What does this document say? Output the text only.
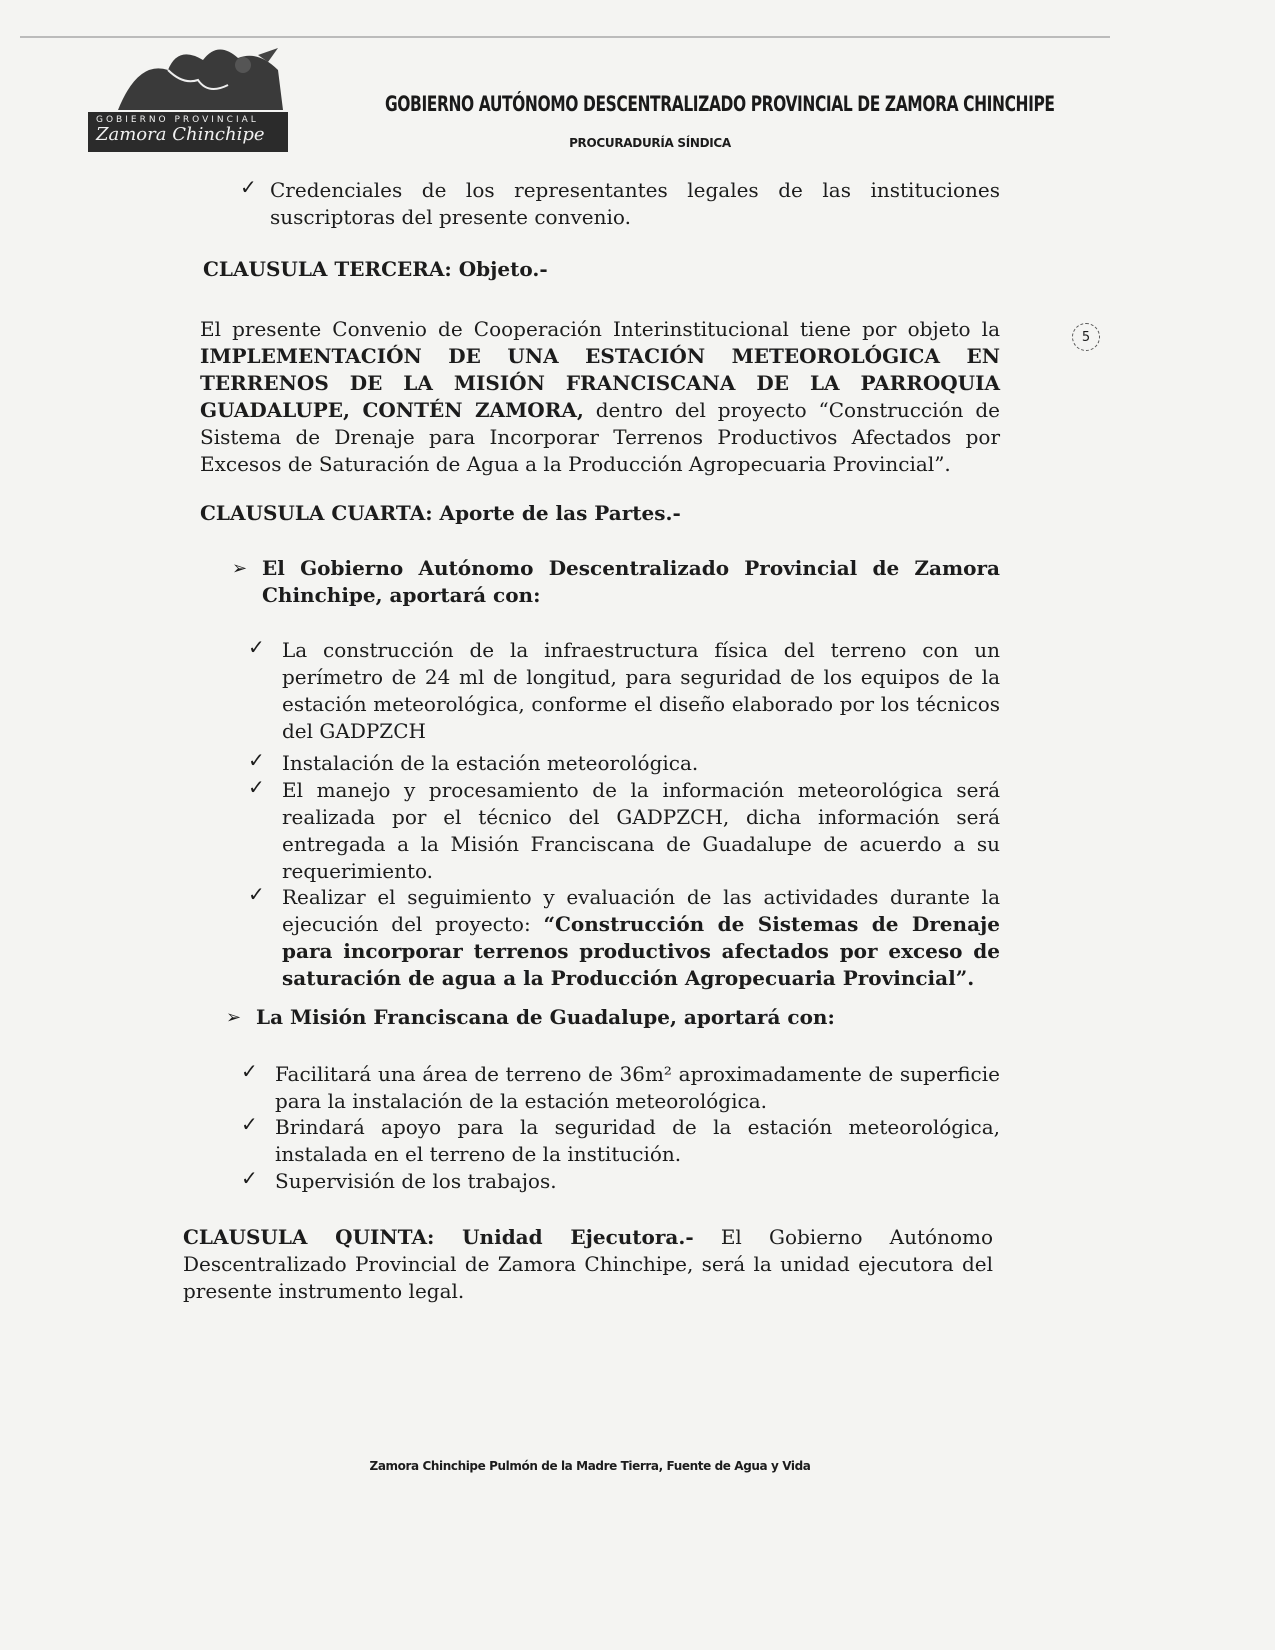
GOBIERNO PROVINCIAL
Zamora Chinchipe
GOBIERNO AUTÓNOMO DESCENTRALIZADO PROVINCIAL DE ZAMORA CHINCHIPE
PROCURADURÍA SÍNDICA
5
✓ Credenciales de los representantes legales de las instituciones suscriptoras del presente convenio.
CLAUSULA TERCERA: Objeto.-
El presente Convenio de Cooperación Interinstitucional tiene por objeto la IMPLEMENTACIÓN DE UNA ESTACIÓN METEOROLÓGICA EN TERRENOS DE LA MISIÓN FRANCISCANA DE LA PARROQUIA GUADALUPE, CONTÉN ZAMORA, dentro del proyecto “Construcción de Sistema de Drenaje para Incorporar Terrenos Productivos Afectados por Excesos de Saturación de Agua a la Producción Agropecuaria Provincial”.
CLAUSULA CUARTA: Aporte de las Partes.-
➢ El Gobierno Autónomo Descentralizado Provincial de Zamora Chinchipe, aportará con:
✓ La construcción de la infraestructura física del terreno con un perímetro de 24 ml de longitud, para seguridad de los equipos de la estación meteorológica, conforme el diseño elaborado por los técnicos del GADPZCH
✓ Instalación de la estación meteorológica.
✓ El manejo y procesamiento de la información meteorológica será realizada por el técnico del GADPZCH, dicha información será entregada a la Misión Franciscana de Guadalupe de acuerdo a su requerimiento.
✓ Realizar el seguimiento y evaluación de las actividades durante la ejecución del proyecto: “Construcción de Sistemas de Drenaje para incorporar terrenos productivos afectados por exceso de saturación de agua a la Producción Agropecuaria Provincial”.
➢ La Misión Franciscana de Guadalupe, aportará con:
✓ Facilitará una área de terreno de 36m² aproximadamente de superficie para la instalación de la estación meteorológica.
✓ Brindará apoyo para la seguridad de la estación meteorológica, instalada en el terreno de la institución.
✓ Supervisión de los trabajos.
CLAUSULA QUINTA: Unidad Ejecutora.- El Gobierno Autónomo Descentralizado Provincial de Zamora Chinchipe, será la unidad ejecutora del presente instrumento legal.
Zamora Chinchipe Pulmón de la Madre Tierra, Fuente de Agua y Vida
